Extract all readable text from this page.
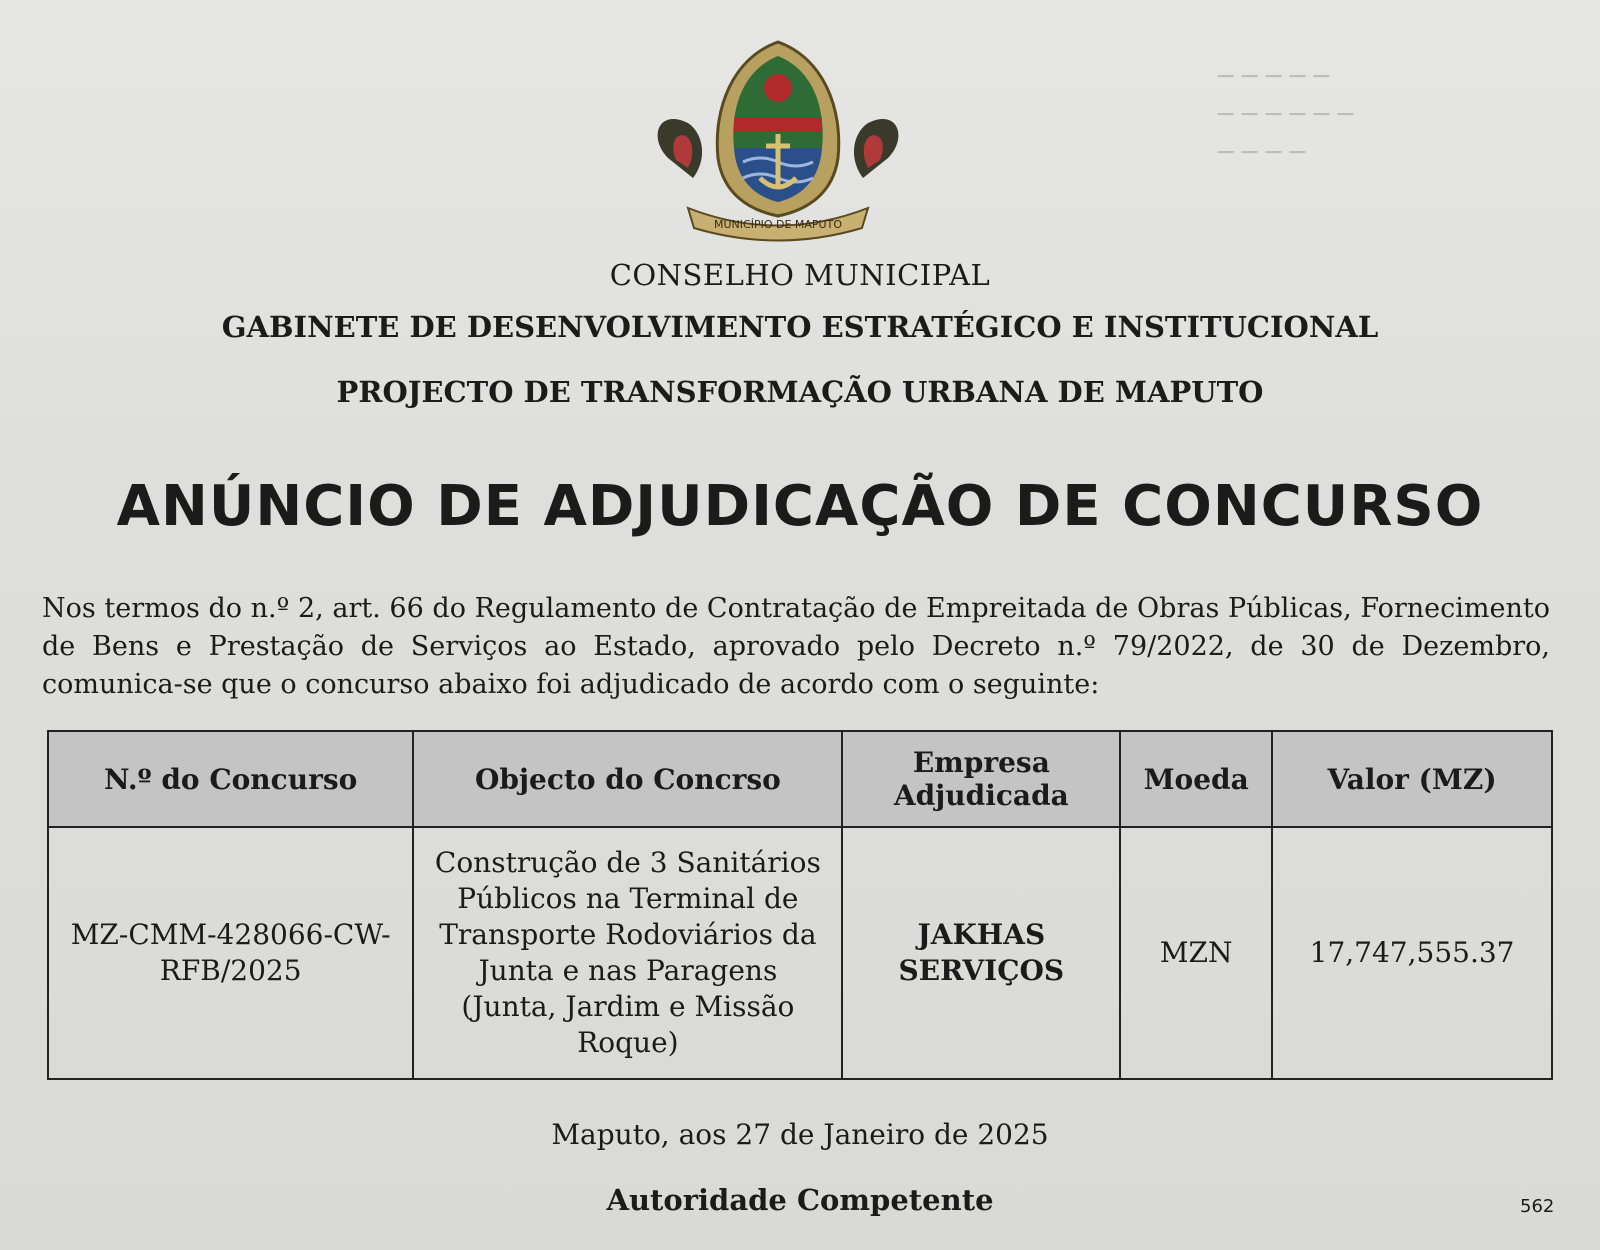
─ ─ ─ ─ ─
─ ─ ─ ─ ─ ─
─ ─ ─ ─

MUNICÍPIO DE MAPUTO
CONSELHO MUNICIPAL
GABINETE DE DESENVOLVIMENTO ESTRATÉGICO E INSTITUCIONAL
PROJECTO DE TRANSFORMAÇÃO URBANA DE MAPUTO
ANÚNCIO DE ADJUDICAÇÃO DE CONCURSO
Nos termos do n.º 2, art. 66 do Regulamento de Contratação de Empreitada de Obras Públicas, Fornecimento de Bens e Prestação de Serviços ao Estado, aprovado pelo Decreto n.º 79/2022, de 30 de Dezembro, comunica-se que o concurso abaixo foi adjudicado de acordo com o seguinte:
N.º do Concurso	Objecto do Concrso	Empresa Adjudicada	Moeda	Valor (MZ)
MZ-CMM-428066-CW-RFB/2025	Construção de 3 Sanitários Públicos na Terminal de Transporte Rodoviários da Junta e nas Paragens (Junta, Jardim e Missão Roque)	JAKHAS SERVIÇOS	MZN	17,747,555.37
Maputo, aos 27 de Janeiro de 2025
Autoridade Competente	562
